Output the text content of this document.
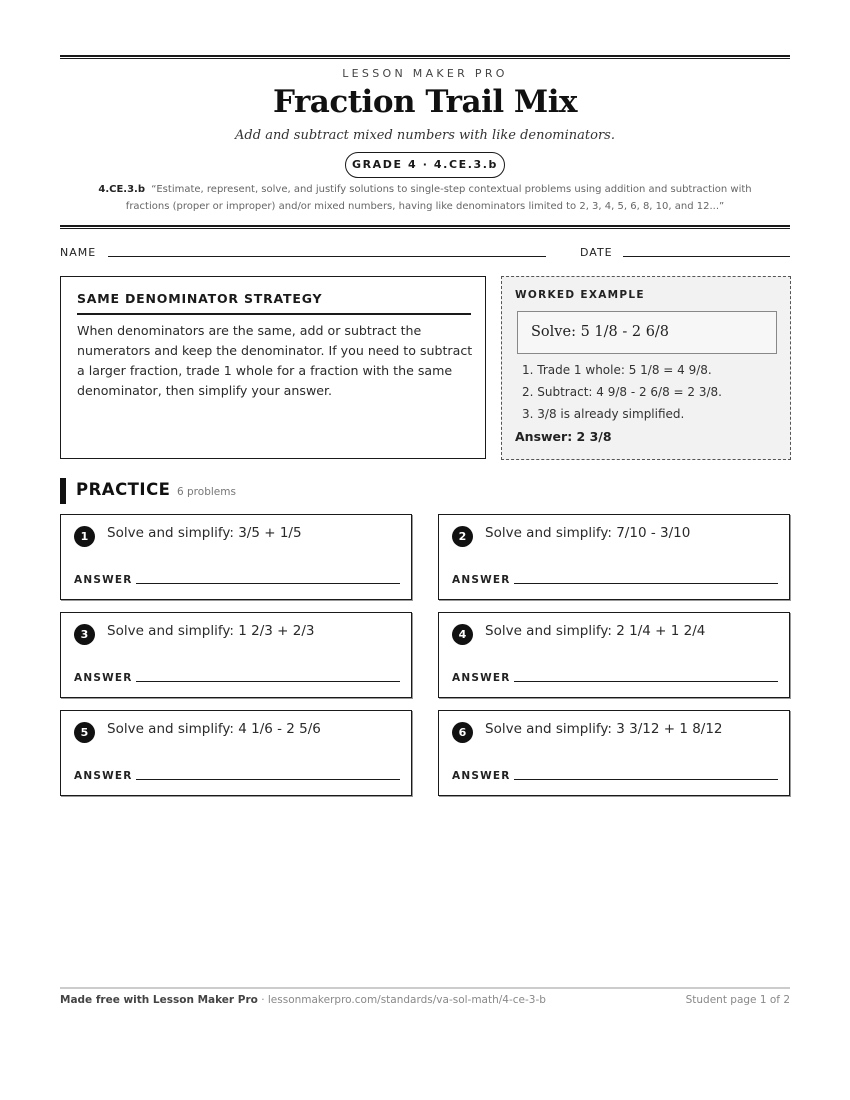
LESSON MAKER PRO
Fraction Trail Mix
Add and subtract mixed numbers with like denominators.
GRADE 4 · 4.CE.3.b
4.CE.3.b “Estimate, represent, solve, and justify solutions to single-step contextual problems using addition and subtraction with fractions (proper or improper) and/or mixed numbers, having like denominators limited to 2, 3, 4, 5, 6, 8, 10, and 12...”
NAME	DATE
SAME DENOMINATOR STRATEGY
When denominators are the same, add or subtract the numerators and keep the denominator. If you need to subtract a larger fraction, trade 1 whole for a fraction with the same denominator, then simplify your answer.
WORKED EXAMPLE
Solve: 5 1/8 - 2 6/8
1. Trade 1 whole: 5 1/8 = 4 9/8.
2. Subtract: 4 9/8 - 2 6/8 = 2 3/8.
3. 3/8 is already simplified.
Answer: 2 3/8
PRACTICE 6 problems
1	Solve and simplify: 3/5 + 1/5
ANSWER
2	Solve and simplify: 7/10 - 3/10
ANSWER
3	Solve and simplify: 1 2/3 + 2/3
ANSWER
4	Solve and simplify: 2 1/4 + 1 2/4
ANSWER
5	Solve and simplify: 4 1/6 - 2 5/6
ANSWER
6	Solve and simplify: 3 3/12 + 1 8/12
ANSWER
Made free with Lesson Maker Pro · lessonmakerpro.com/standards/va-sol-math/4-ce-3-b	Student page 1 of 2
